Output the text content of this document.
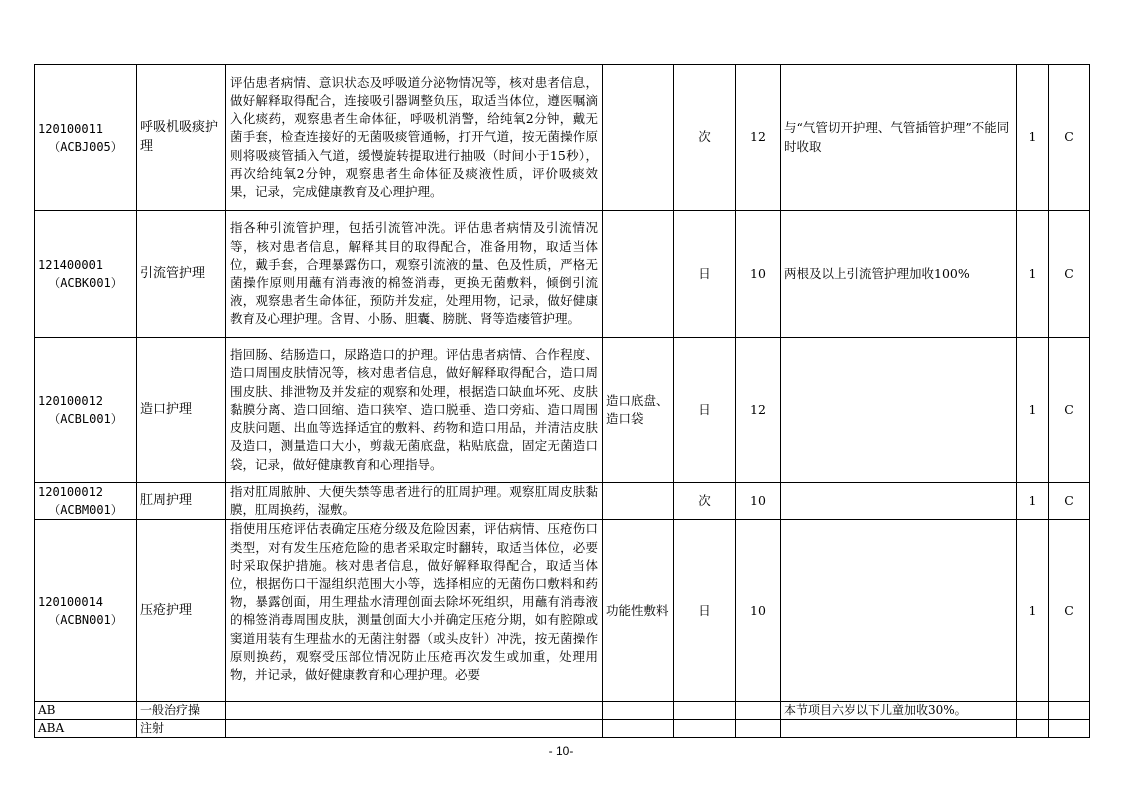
120100011
（ACBJ005）	呼吸机吸痰护理	评估患者病情、意识状态及呼吸道分泌物情况等，核对患者信息，做好解释取得配合，连接吸引器调整负压，取适当体位，遵医嘱滴入化痰药，观察患者生命体征，呼吸机消警，给纯氧2分钟，戴无菌手套，检查连接好的无菌吸痰管通畅，打开气道，按无菌操作原则将吸痰管插入气道，缓慢旋转提取进行抽吸（时间小于15秒），再次给纯氧2分钟，观察患者生命体征及痰液性质，评价吸痰效果，记录，完成健康教育及心理护理。		次	12	与“气管切开护理、气管插管护理”不能同时收取	1	C

121400001
（ACBK001）	引流管护理	指各种引流管护理，包括引流管冲洗。评估患者病情及引流情况等，核对患者信息，解释其目的取得配合，准备用物，取适当体位，戴手套，合理暴露伤口，观察引流液的量、色及性质，严格无菌操作原则用蘸有消毒液的棉签消毒，更换无菌敷料，倾倒引流液，观察患者生命体征，预防并发症，处理用物，记录，做好健康教育及心理护理。含胃、小肠、胆囊、膀胱、肾等造瘘管护理。		日	10	两根及以上引流管护理加收100%	1	C

120100012
（ACBL001）	造口护理	指回肠、结肠造口，尿路造口的护理。评估患者病情、合作程度、造口周围皮肤情况等，核对患者信息，做好解释取得配合，造口周围皮肤、排泄物及并发症的观察和处理，根据造口缺血坏死、皮肤黏膜分离、造口回缩、造口狭窄、造口脱垂、造口旁疝、造口周围皮肤问题、出血等选择适宜的敷料、药物和造口用品，并清洁皮肤及造口，测量造口大小，剪裁无菌底盘，粘贴底盘，固定无菌造口袋，记录，做好健康教育和心理指导。	造口底盘、造口袋	日	12		1	C

120100012
（ACBM001）	肛周护理	指对肛周脓肿、大便失禁等患者进行的肛周护理。观察肛周皮肤黏膜，肛周换药，湿敷。		次	10		1	C

120100014
（ACBN001）	压疮护理	指使用压疮评估表确定压疮分级及危险因素，评估病情、压疮伤口类型，对有发生压疮危险的患者采取定时翻转，取适当体位，必要时采取保护措施。核对患者信息，做好解释取得配合，取适当体位，根据伤口干湿组织范围大小等，选择相应的无菌伤口敷料和药物，暴露创面，用生理盐水清理创面去除坏死组织，用蘸有消毒液的棉签消毒周围皮肤，测量创面大小并确定压疮分期，如有腔隙或窦道用装有生理盐水的无菌注射器（或头皮针）冲洗，按无菌操作原则换药，观察受压部位情况防止压疮再次发生或加重，处理用物，并记录，做好健康教育和心理护理。必要	功能性敷料	日	10		1	C
AB	一般治疗操					本节项目六岁以下儿童加收30%。		
ABA	注射							
- 10-
